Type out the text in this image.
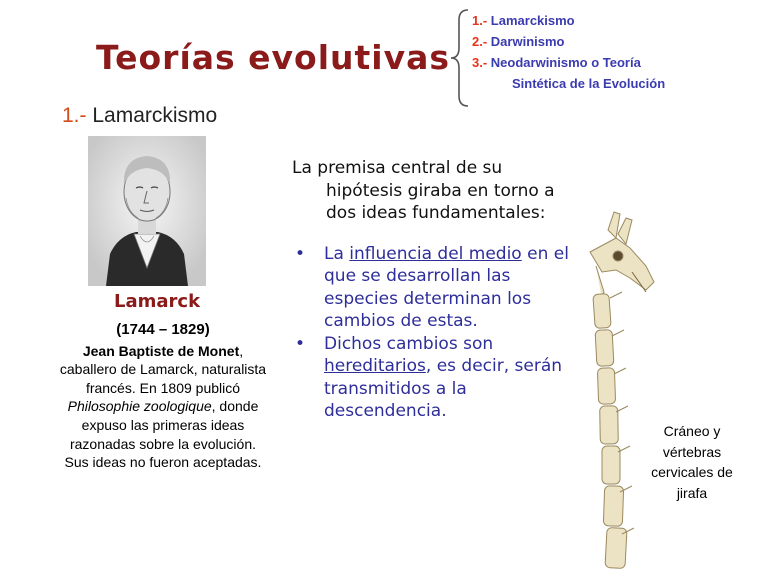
Teorías evolutivas
1.- Lamarckismo
2.- Darwinismo
3.- Neodarwinismo o Teoría
Sintética de la Evolución
1.- Lamarckismo
Lamarck
(1744 – 1829)
Jean Baptiste de Monet, caballero de Lamarck, naturalista francés. En 1809 publicó Philosophie zoologique, donde expuso las primeras ideas razonadas sobre la evolución. Sus ideas no fueron aceptadas.

La premisa central de su hipótesis giraba en torno a dos ideas fundamentales:

• La influencia del medio en el que se desarrollan las especies determinan los cambios de estas.
• Dichos cambios son hereditarios, es decir, serán transmitidos a la descendencia.
Cráneo y vértebras cervicales de jirafa
